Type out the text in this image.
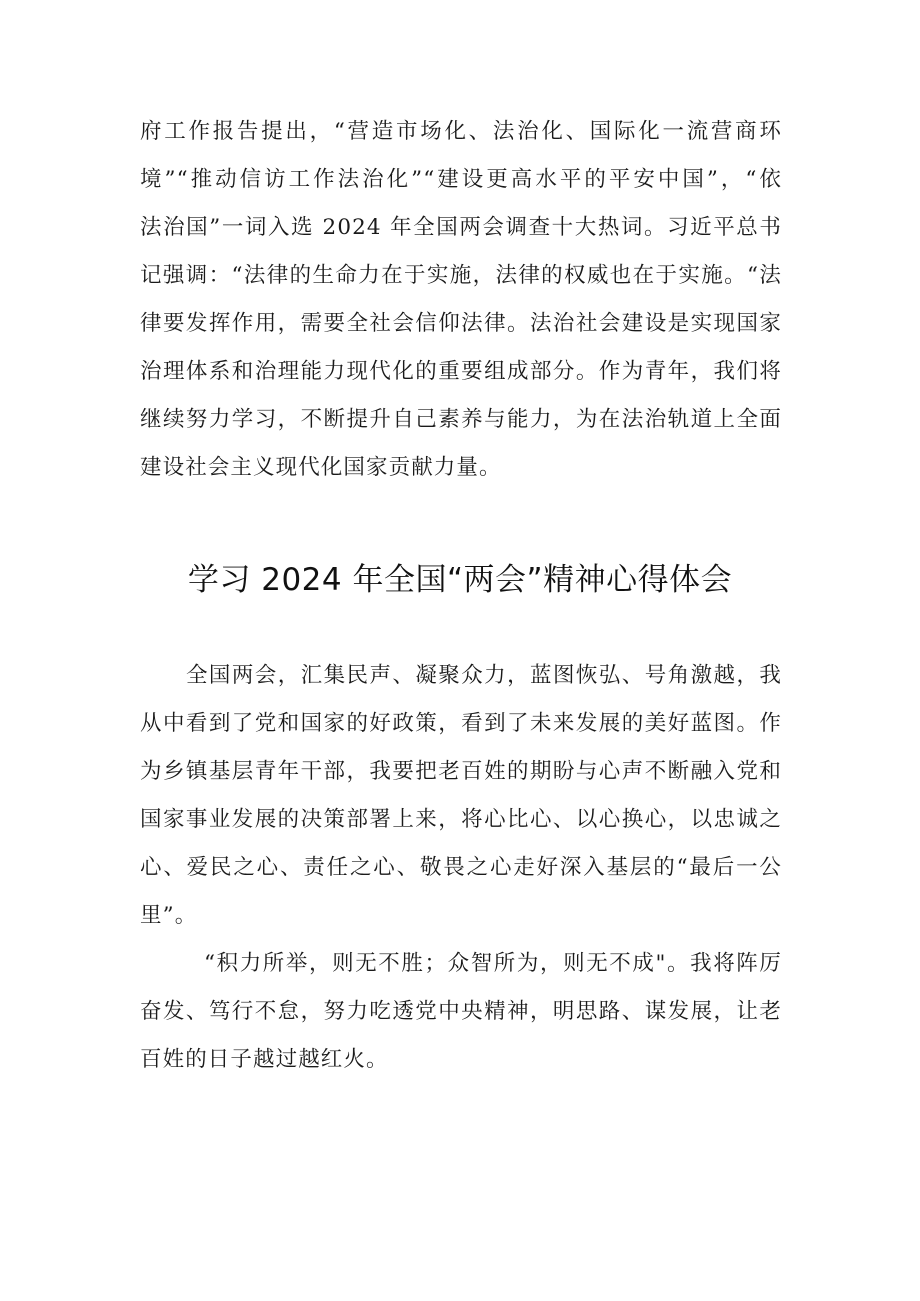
府工作报告提出，“营造市场化、法治化、国际化一流营商环
境”“推动信访工作法治化”“建设更高水平的平安中国”，“依
法治国”一词入选 2024 年全国两会调查十大热词。习近平总书
记强调：“法律的生命力在于实施，法律的权威也在于实施。“法
律要发挥作用，需要全社会信仰法律。法治社会建设是实现国家
治理体系和治理能力现代化的重要组成部分。作为青年，我们将
继续努力学习，不断提升自己素养与能力，为在法治轨道上全面
建设社会主义现代化国家贡献力量。
学习 2024 年全国“两会”精神心得体会
全国两会，汇集民声、凝聚众力，蓝图恢弘、号角激越，我
从中看到了党和国家的好政策，看到了未来发展的美好蓝图。作
为乡镇基层青年干部，我要把老百姓的期盼与心声不断融入党和
国家事业发展的决策部署上来，将心比心、以心换心，以忠诚之
心、爱民之心、责任之心、敬畏之心走好深入基层的“最后一公
里”。
“积力所举，则无不胜；众智所为，则无不成"。我将阵厉
奋发、笃行不怠，努力吃透党中央精神，明思路、谋发展，让老
百姓的日子越过越红火。
